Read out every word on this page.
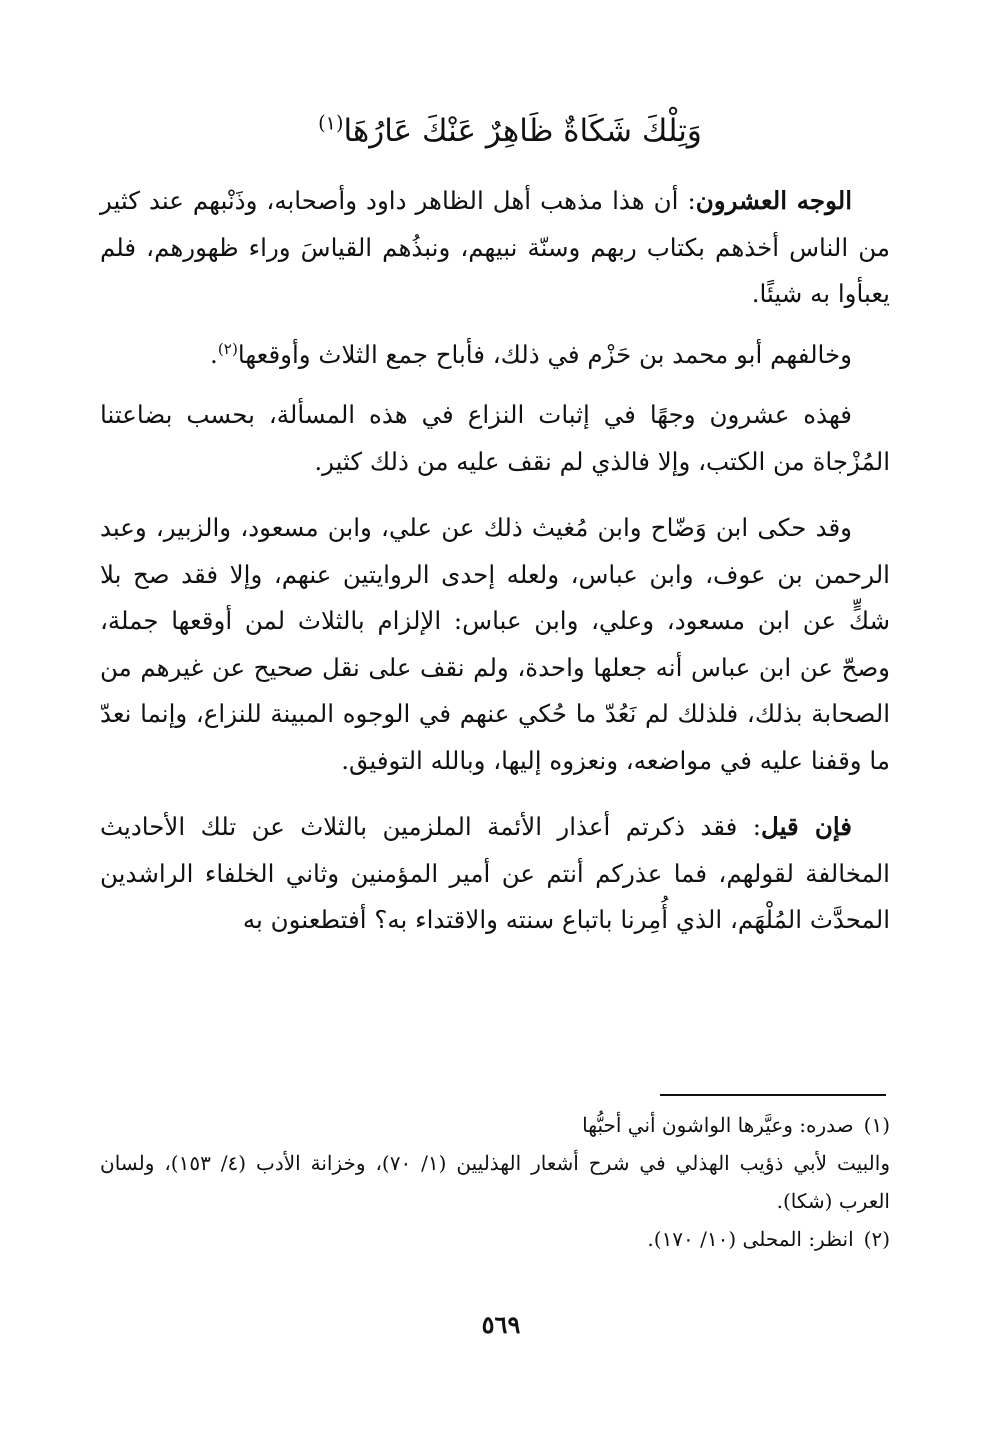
وَتِلْكَ شَكَاةٌ ظَاهِرٌ عَنْكَ عَارُهَا$^{(١)}$

الوجه العشرون: أن هذا مذهب أهل الظاهر داود وأصحابه، وذَنْبهم عند كثير من الناس أخذهم بكتاب ربهم وسنّة نبيهم، ونبذُهم القياسَ وراء ظهورهم، فلم يعبأوا به شيئًا.

وخالفهم أبو محمد بن حَزْم في ذلك، فأباح جمع الثلاث وأوقعها$^{(٢)}$.

فهذه عشرون وجهًا في إثبات النزاع في هذه المسألة، بحسب بضاعتنا المُزْجاة من الكتب، وإلا فالذي لم نقف عليه من ذلك كثير.

وقد حكى ابن وَضّاح وابن مُغيث ذلك عن علي، وابن مسعود، والزبير، وعبد الرحمن بن عوف، وابن عباس، ولعله إحدى الروايتين عنهم، وإلا فقد صح بلا شكٍّ عن ابن مسعود، وعلي، وابن عباس: الإلزام بالثلاث لمن أوقعها جملة، وصحّ عن ابن عباس أنه جعلها واحدة، ولم نقف على نقل صحيح عن غيرهم من الصحابة بذلك، فلذلك لم نَعُدّ ما حُكي عنهم في الوجوه المبينة للنزاع، وإنما نعدّ ما وقفنا عليه في مواضعه، ونعزوه إليها، وبالله التوفيق.

فإن قيل: فقد ذكرتم أعذار الأئمة الملزمين بالثلاث عن تلك الأحاديث المخالفة لقولهم، فما عذركم أنتم عن أمير المؤمنين وثاني الخلفاء الراشدين المحدَّث المُلْهَم، الذي أُمِرنا باتباع سنته والاقتداء به؟ أفتطعنون به

(١)صدره: وعيَّرها الواشون أني أحبُّها

والبيت لأبي ذؤيب الهذلي في شرح أشعار الهذليين (١/ ٧٠)، وخزانة الأدب (٤/ ١٥٣)، ولسان العرب (شكا).

(٢)انظر: المحلى (١٠/ ١٧٠).

٥٦٩
